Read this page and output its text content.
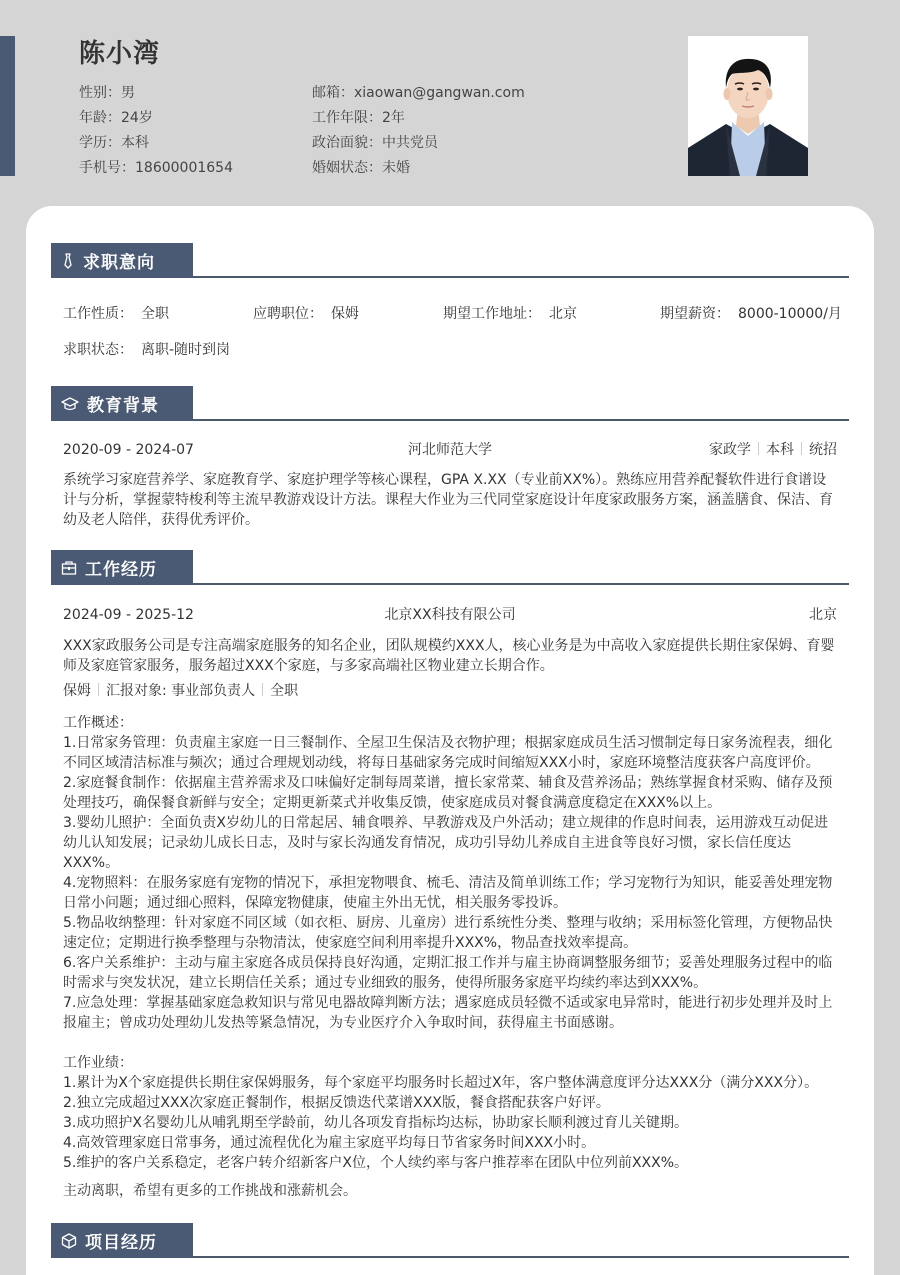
陈小湾
性别：男	邮箱：xiaowan@gangwan.com
年龄：24岁	工作年限：2年
学历：本科	政治面貌：中共党员
手机号：18600001654	婚姻状态：未婚
求职意向
工作性质： 全职	应聘职位： 保姆	期望工作地址： 北京	期望薪资： 8000-10000/月
求职状态： 离职-随时到岗
教育背景
2020-09 - 2024-07	河北师范大学	家政学 本科 统招
系统学习家庭营养学、家庭教育学、家庭护理学等核心课程，GPA X.XX（专业前XX%）。熟练应用营养配餐软件进行食谱设计与分析，掌握蒙特梭利等主流早教游戏设计方法。课程大作业为三代同堂家庭设计年度家政服务方案，涵盖膳食、保洁、育幼及老人陪伴，获得优秀评价。
工作经历
2024-09 - 2025-12	北京XX科技有限公司	北京
XXX家政服务公司是专注高端家庭服务的知名企业，团队规模约XXX人，核心业务是为中高收入家庭提供长期住家保姆、育婴师及家庭管家服务，服务超过XXX个家庭，与多家高端社区物业建立长期合作。
保姆 汇报对象: 事业部负责人 全职
工作概述：
1.日常家务管理：负责雇主家庭一日三餐制作、全屋卫生保洁及衣物护理；根据家庭成员生活习惯制定每日家务流程表，细化不同区域清洁标准与频次；通过合理规划动线，将每日基础家务完成时间缩短XXX小时，家庭环境整洁度获客户高度评价。
2.家庭餐食制作：依据雇主营养需求及口味偏好定制每周菜谱，擅长家常菜、辅食及营养汤品；熟练掌握食材采购、储存及预处理技巧，确保餐食新鲜与安全；定期更新菜式并收集反馈，使家庭成员对餐食满意度稳定在XXX%以上。
3.婴幼儿照护：全面负责X岁幼儿的日常起居、辅食喂养、早教游戏及户外活动；建立规律的作息时间表，运用游戏互动促进幼儿认知发展；记录幼儿成长日志，及时与家长沟通发育情况，成功引导幼儿养成自主进食等良好习惯，家长信任度达XXX%。
4.宠物照料：在服务家庭有宠物的情况下，承担宠物喂食、梳毛、清洁及简单训练工作；学习宠物行为知识，能妥善处理宠物日常小问题；通过细心照料，保障宠物健康，使雇主外出无忧，相关服务零投诉。
5.物品收纳整理：针对家庭不同区域（如衣柜、厨房、儿童房）进行系统性分类、整理与收纳；采用标签化管理，方便物品快速定位；定期进行换季整理与杂物清汰，使家庭空间利用率提升XXX%，物品查找效率提高。
6.客户关系维护：主动与雇主家庭各成员保持良好沟通，定期汇报工作并与雇主协商调整服务细节；妥善处理服务过程中的临时需求与突发状况，建立长期信任关系；通过专业细致的服务，使得所服务家庭平均续约率达到XXX%。
7.应急处理：掌握基础家庭急救知识与常见电器故障判断方法；遇家庭成员轻微不适或家电异常时，能进行初步处理并及时上报雇主；曾成功处理幼儿发热等紧急情况，为专业医疗介入争取时间，获得雇主书面感谢。
工作业绩：
1.累计为X个家庭提供长期住家保姆服务，每个家庭平均服务时长超过X年，客户整体满意度评分达XXX分（满分XXX分）。
2.独立完成超过XXX次家庭正餐制作，根据反馈迭代菜谱XXX版，餐食搭配获客户好评。
3.成功照护X名婴幼儿从哺乳期至学龄前，幼儿各项发育指标均达标，协助家长顺利渡过育儿关键期。
4.高效管理家庭日常事务，通过流程优化为雇主家庭平均每日节省家务时间XXX小时。
5.维护的客户关系稳定，老客户转介绍新客户X位，个人续约率与客户推荐率在团队中位列前XXX%。
主动离职，希望有更多的工作挑战和涨薪机会。
项目经历
